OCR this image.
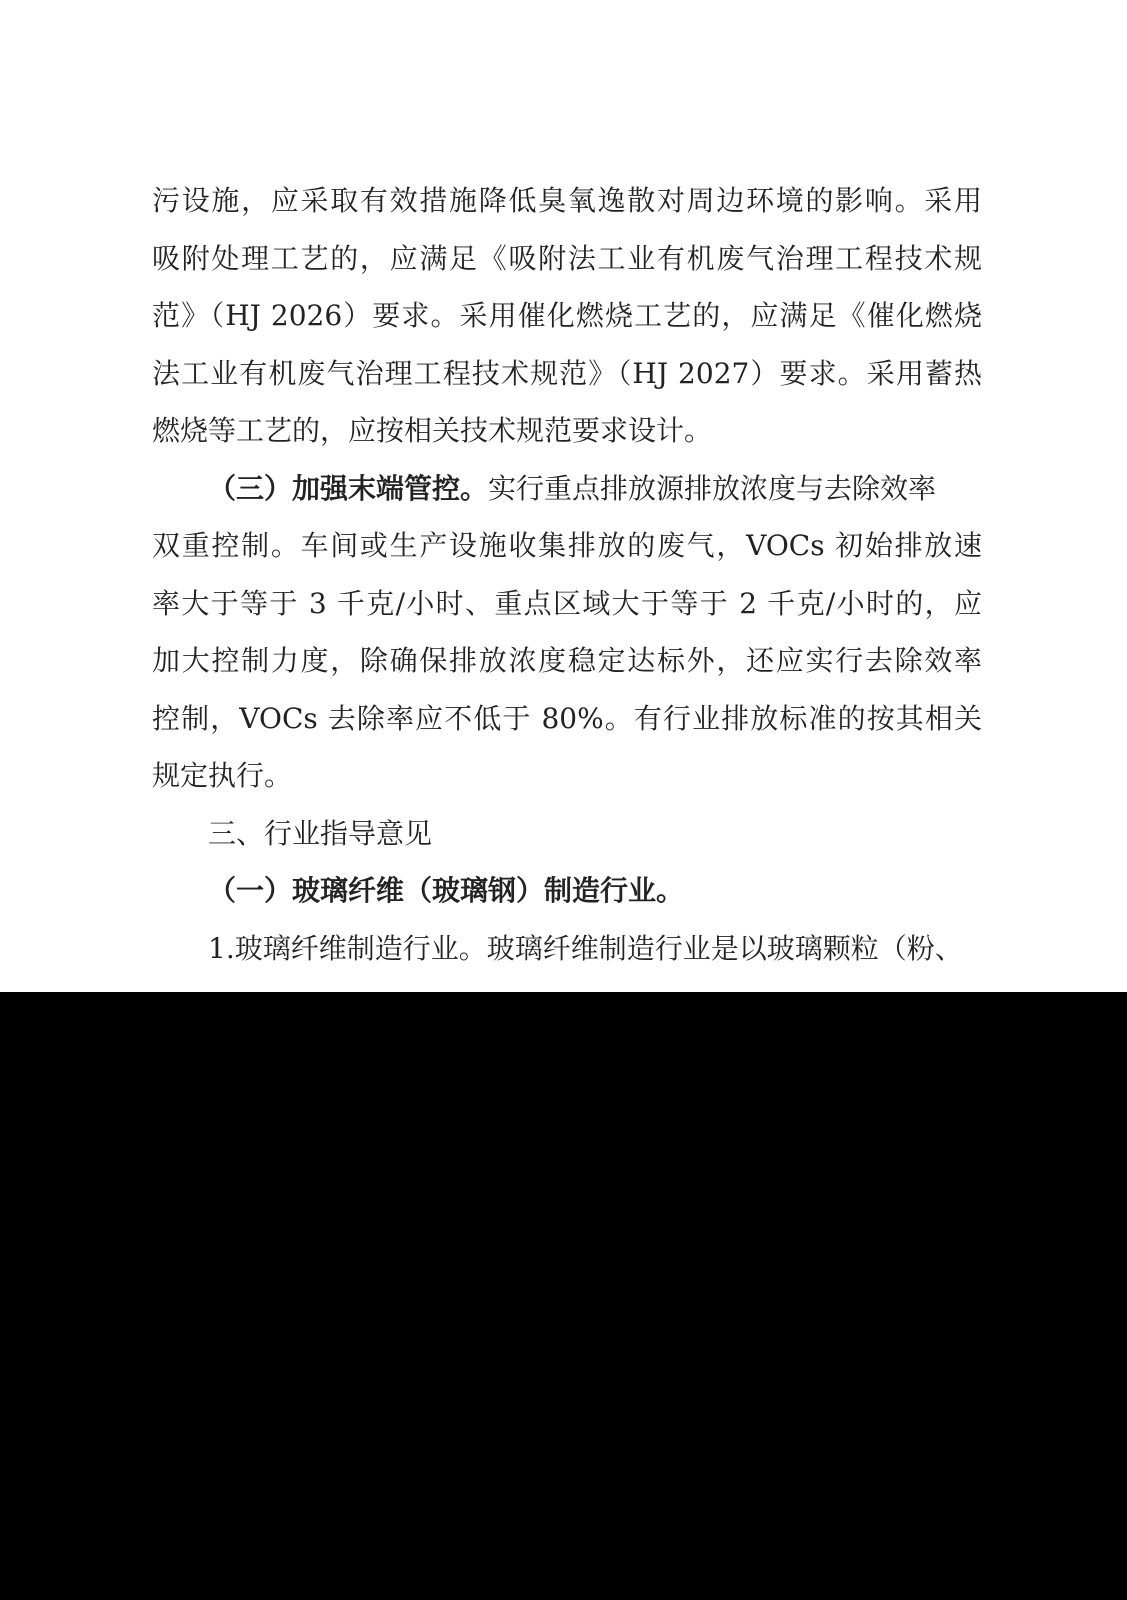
污设施，应采取有效措施降低臭氧逸散对周边环境的影响。采用
吸附处理工艺的，应满足《吸附法工业有机废气治理工程技术规
范》（HJ 2026）要求。采用催化燃烧工艺的，应满足《催化燃烧
法工业有机废气治理工程技术规范》（HJ 2027）要求。采用蓄热
燃烧等工艺的，应按相关技术规范要求设计。
（三）加强末端管控。实行重点排放源排放浓度与去除效率
双重控制。车间或生产设施收集排放的废气，VOCs 初始排放速
率大于等于 3 千克/小时、重点区域大于等于 2 千克/小时的，应
加大控制力度，除确保排放浓度稳定达标外，还应实行去除效率
控制，VOCs 去除率应不低于 80%。有行业排放标准的按其相关
规定执行。
三、行业指导意见
（一）玻璃纤维（玻璃钢）制造行业。
1.玻璃纤维制造行业。玻璃纤维制造行业是以玻璃颗粒（粉、
